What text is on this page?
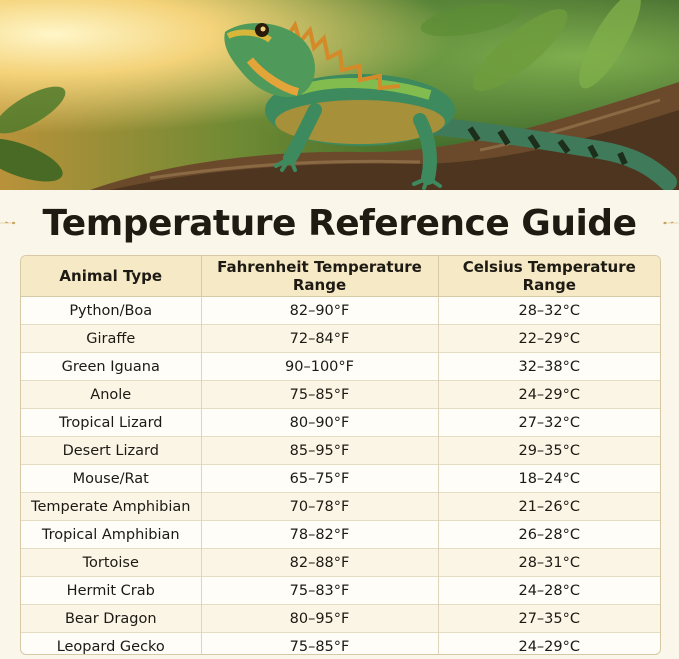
Temperature Reference Guide
Animal Type	Fahrenheit Temperature Range	Celsius Temperature Range
Python/Boa	82–90°F	28–32°C
Giraffe	72–84°F	22–29°C
Green Iguana	90–100°F	32–38°C
Anole	75–85°F	24–29°C
Tropical Lizard	80–90°F	27–32°C
Desert Lizard	85–95°F	29–35°C
Mouse/Rat	65–75°F	18–24°C
Temperate Amphibian	70–78°F	21–26°C
Tropical Amphibian	78–82°F	26–28°C
Tortoise	82–88°F	28–31°C
Hermit Crab	75–83°F	24–28°C
Bear Dragon	80–95°F	27–35°C
Leopard Gecko	75–85°F	24–29°C
